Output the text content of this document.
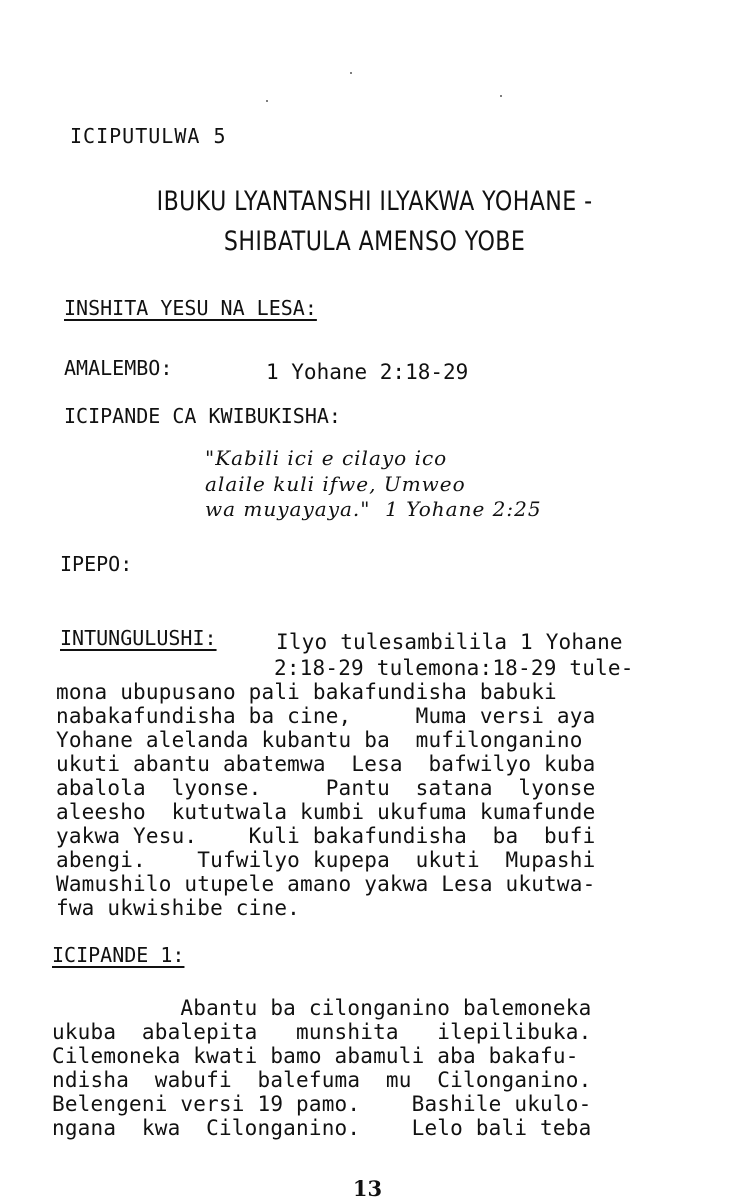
ICIPUTULWA 5
IBUKU LYANTANSHI ILYAKWA YOHANE -
SHIBATULA AMENSO YOBE
INSHITA YESU NA LESA:
AMALEMBO:	1 Yohane 2:18-29
ICIPANDE CA KWIBUKISHA:
"Kabili ici e cilayo ico
alaile kuli ifwe, Umweo
wa muyayaya."  1 Yohane 2:25
IPEPO:
INTUNGULUSHI:	Ilyo tulesambilila 1 Yohane
2:18-29 tulemona:18-29 tule-
mona ubupusano pali bakafundisha babuki
nabakafundisha ba cine,     Muma versi aya
Yohane alelanda kubantu ba  mufilonganino
ukuti abantu abatemwa  Lesa  bafwilyo kuba
abalola  lyonse.     Pantu  satana  lyonse
aleesho  kututwala kumbi ukufuma kumafunde
yakwa Yesu.    Kuli bakafundisha  ba  bufi
abengi.    Tufwilyo kupepa  ukuti  Mupashi
Wamushilo utupele amano yakwa Lesa ukutwa-
fwa ukwishibe cine.
ICIPANDE 1:
Abantu ba cilonganino balemoneka
ukuba  abalepita   munshita   ilepilibuka.
Cilemoneka kwati bamo abamuli aba bakafu-
ndisha  wabufi  balefuma  mu  Cilonganino.
Belengeni versi 19 pamo.    Bashile ukulo-
ngana  kwa  Cilonganino.    Lelo bali teba
13
